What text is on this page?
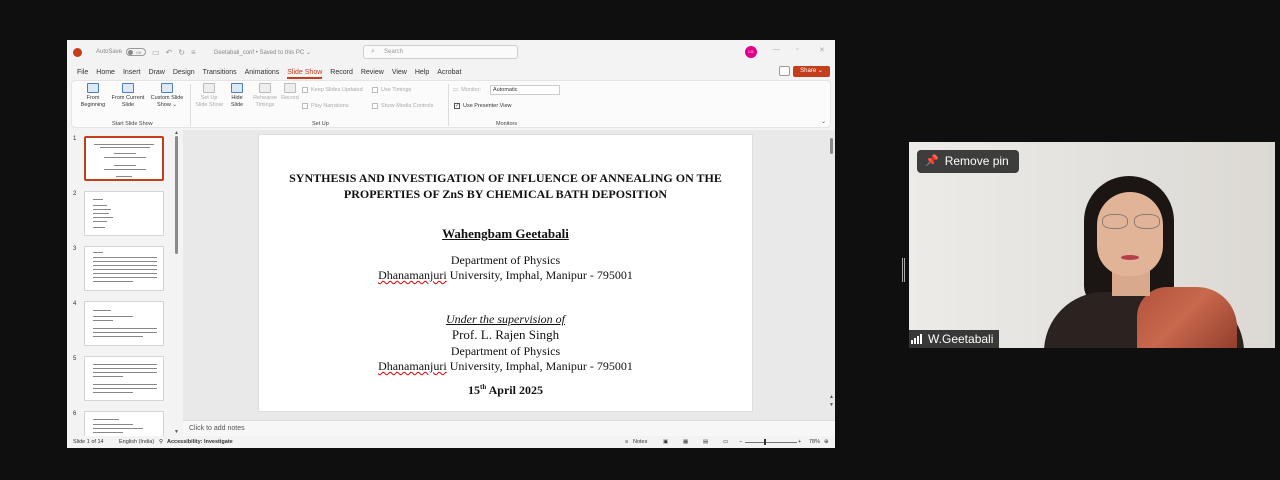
AutoSave	Off	▭ ↶ ↻ ≡	Geetabali_conf • Saved to this PC ⌄	⌕ Search	LG	— ▫	✕
File Home Insert Draw Design Transitions Animations Slide Show Record Review View Help Acrobat	Share ⌄
From Beginning
From Current Slide
Custom Slide Show ⌄
Start Slide Show
Set Up Slide Show
Hide Slide
Rehearse Timings
Record
Keep Slides Updated
Play Narrations
Use Timings
Show Media Controls
Set Up
▭ Monitor:	Automatic
✓
Use Presenter View
Monitors	⌄
1
2
3
4
5
6
▲
▼
SYNTHESIS AND INVESTIGATION OF INFLUENCE OF ANNEALING ON THE
PROPERTIES OF ZnS BY CHEMICAL BATH DEPOSITION
Wahengbam Geetabali
Department of Physics
Dhanamanjuri University, Imphal, Manipur - 795001
Under the supervision of
Prof. L. Rajen Singh
Department of Physics
Dhanamanjuri University, Imphal, Manipur - 795001
15th April 2025	▲
▼
Click to add notes
Slide 1 of 14	English (India) ⚲ Accessibility: Investigate	≡ Notes	▣	▦	▤	▭ −	+ 78% ⊕
📌 Remove pin
W.Geetabali
